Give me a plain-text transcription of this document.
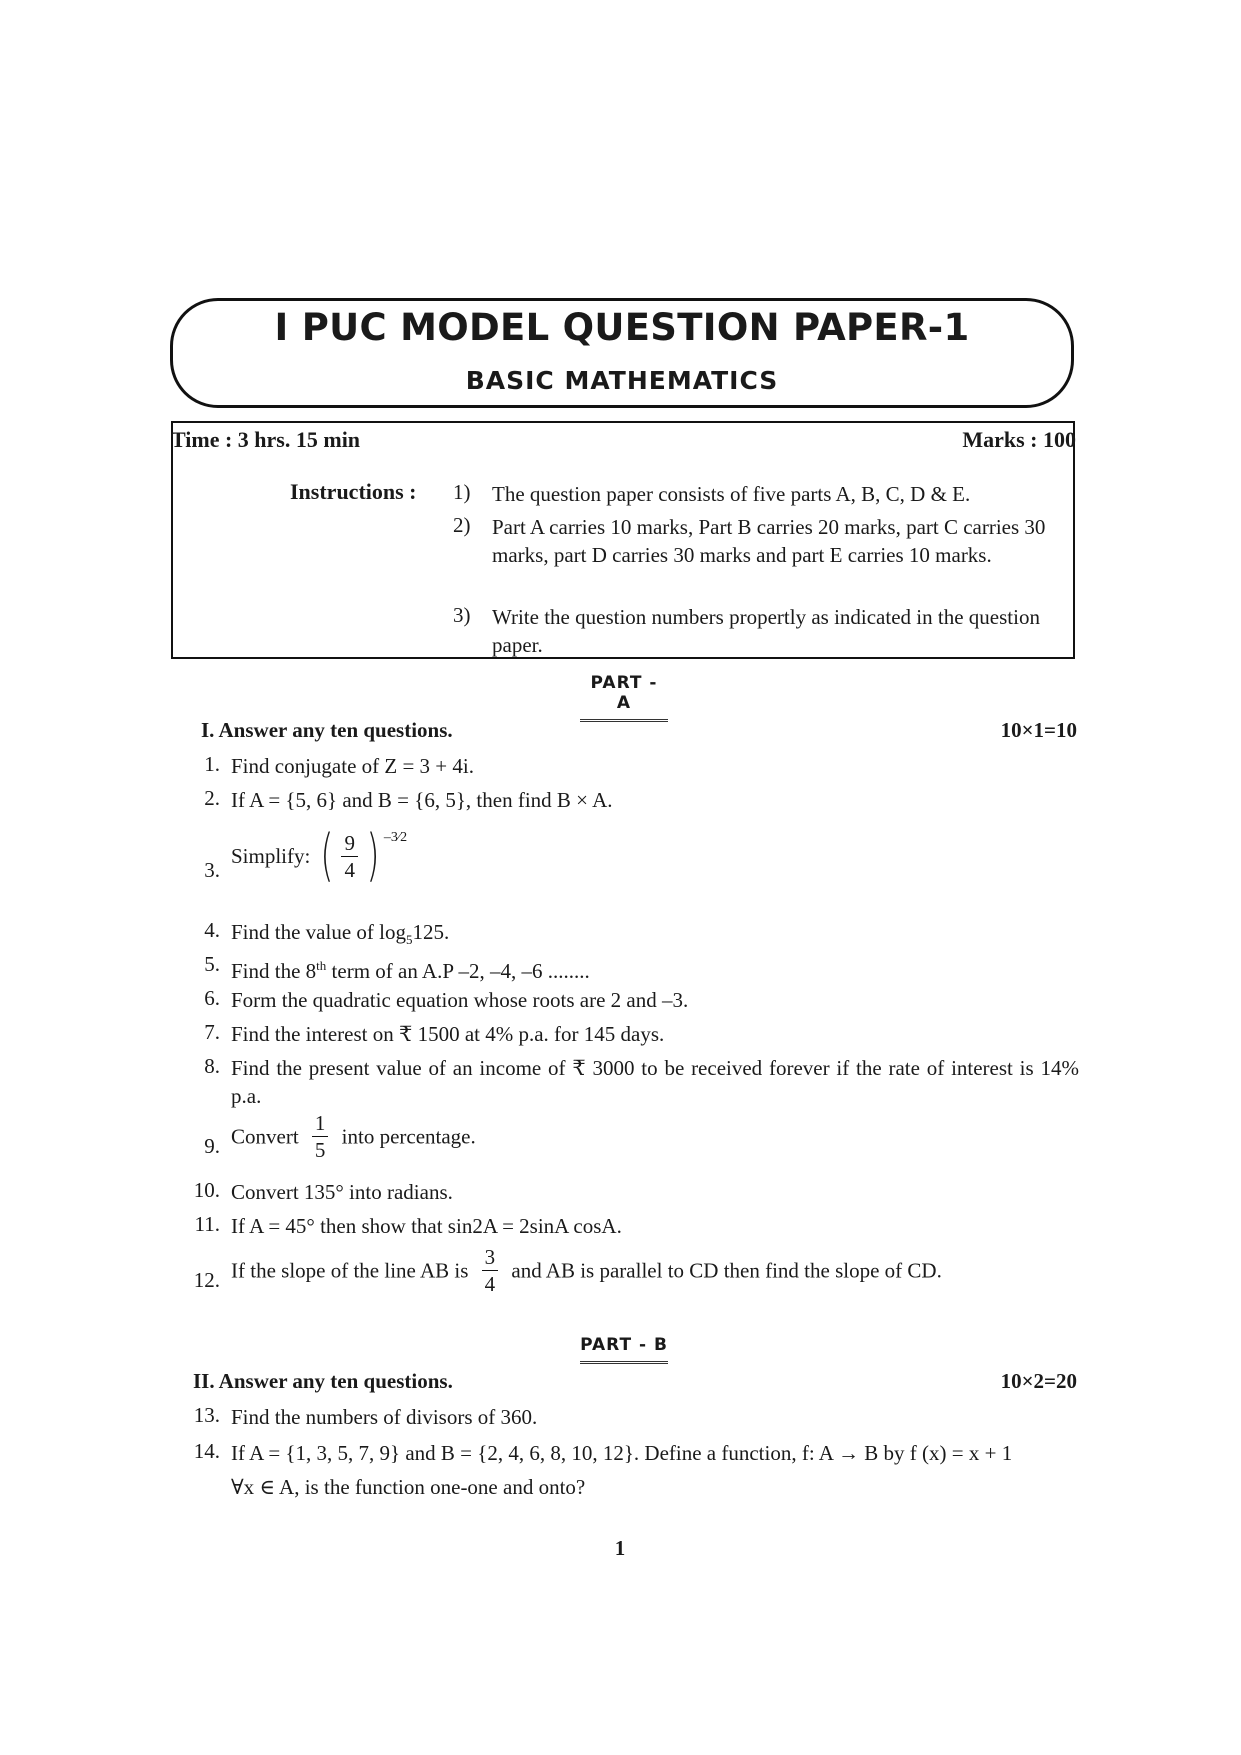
I PUC MODEL QUESTION PAPER-1
BASIC MATHEMATICS
Time : 3 hrs. 15 min	Marks : 100
Instructions : 1) The question paper consists of five parts A, B, C, D & E.
2) Part A carries 10 marks, Part B carries 20 marks, part C carries 30 marks, part D carries 30 marks and part E carries 10 marks.
3) Write the question numbers propertly as indicated in the question paper.
PART - A
I. Answer any ten questions.	10×1=10
1. Find conjugate of Z = 3 + 4i.
2. If A = {5, 6} and B = {6, 5}, then find B × A.
3.
Simplify: ( $\frac{9}{4}$ ) $^{-3⁄2}$
4. Find the value of $\log_5125$.
5. Find the 8th term of an A.P –2, –4, –6 ........
6. Form the quadratic equation whose roots are 2 and –3.
7. Find the interest on ₹ 1500 at 4% p.a. for 145 days.
8. Find the present value of an income of ₹ 3000 to be received forever if the rate of interest is 14% p.a.
9. Convert $\frac{1}{5}$ into percentage.
10. Convert 135° into radians.
11. If A = 45° then show that sin2A = 2sinA cosA.
12. If the slope of the line AB is $\frac{3}{4}$ and AB is parallel to CD then find the slope of CD.
PART - B
II. Answer any ten questions.	10×2=20
13. Find the numbers of divisors of 360.
14. If A = {1, 3, 5, 7, 9} and B = {2, 4, 6, 8, 10, 12}. Define a function, f: A → B by f (x) = x + 1
∀x ∈ A, is the function one-one and onto?
1
